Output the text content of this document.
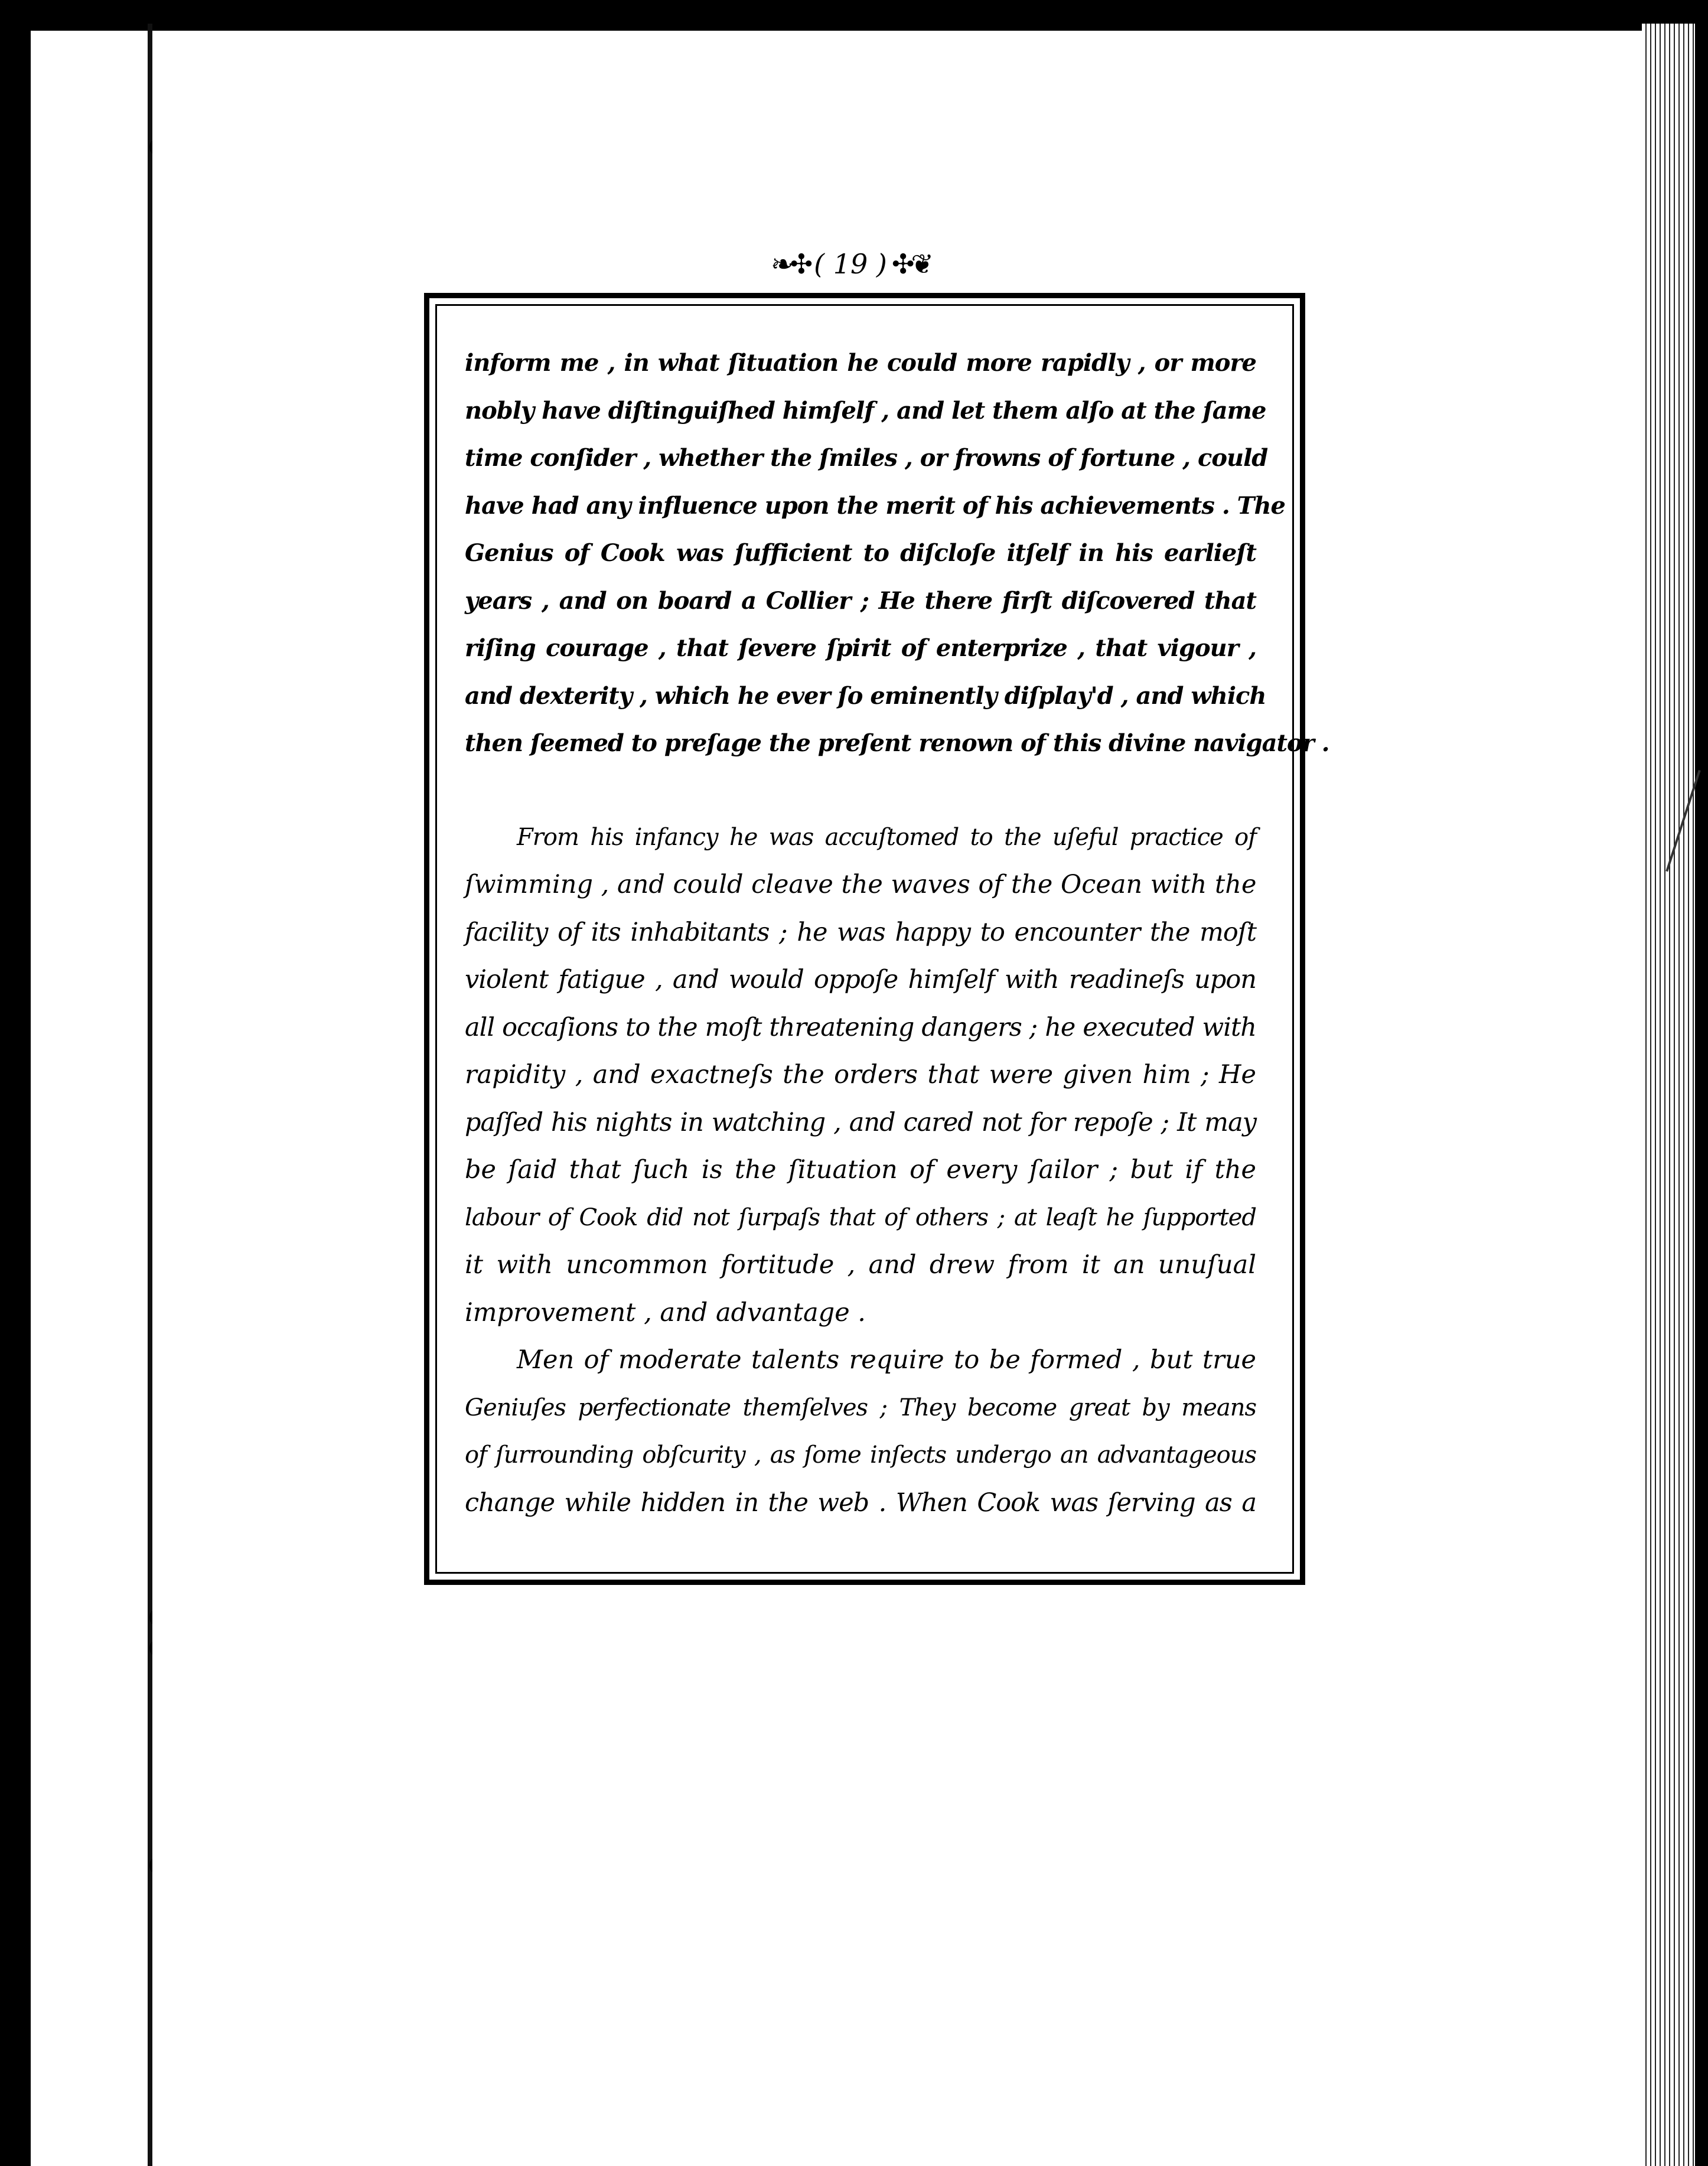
❧✣ ( 19 ) ✣❦
inform me , in what ſituation he could more rapidly , or more
nobly have diſtinguiſhed himſelf , and let them alſo at the ſame
time conſider , whether the ſmiles , or frowns of fortune , could
have had any influence upon the merit of his achievements . The
Genius of Cook was ſufficient to diſcloſe itſelf in his earlieſt
years , and on board a Collier ; He there firſt diſcovered that
riſing courage , that ſevere ſpirit of enterprize , that vigour ,
and dexterity , which he ever ſo eminently diſplay'd , and which
then ſeemed to preſage the preſent renown of this divine navigator .
From his infancy he was accuſtomed to the uſeful practice of
ſwimming , and could cleave the waves of the Ocean with the
facility of its inhabitants ; he was happy to encounter the moſt
violent fatigue , and would oppoſe himſelf with readineſs upon
all occaſions to the moſt threatening dangers ; he executed with
rapidity , and exactneſs the orders that were given him ; He
paſſed his nights in watching , and cared not for repoſe ; It may
be ſaid that ſuch is the ſituation of every ſailor ; but if the
labour of Cook did not ſurpaſs that of others ; at leaſt he ſupported
it with uncommon fortitude , and drew from it an unuſual
improvement , and advantage .
Men of moderate talents require to be formed , but true
Geniuſes perfectionate themſelves ; They become great by means
of ſurrounding obſcurity , as ſome inſects undergo an advantageous
change while hidden in the web . When Cook was ſerving as a
